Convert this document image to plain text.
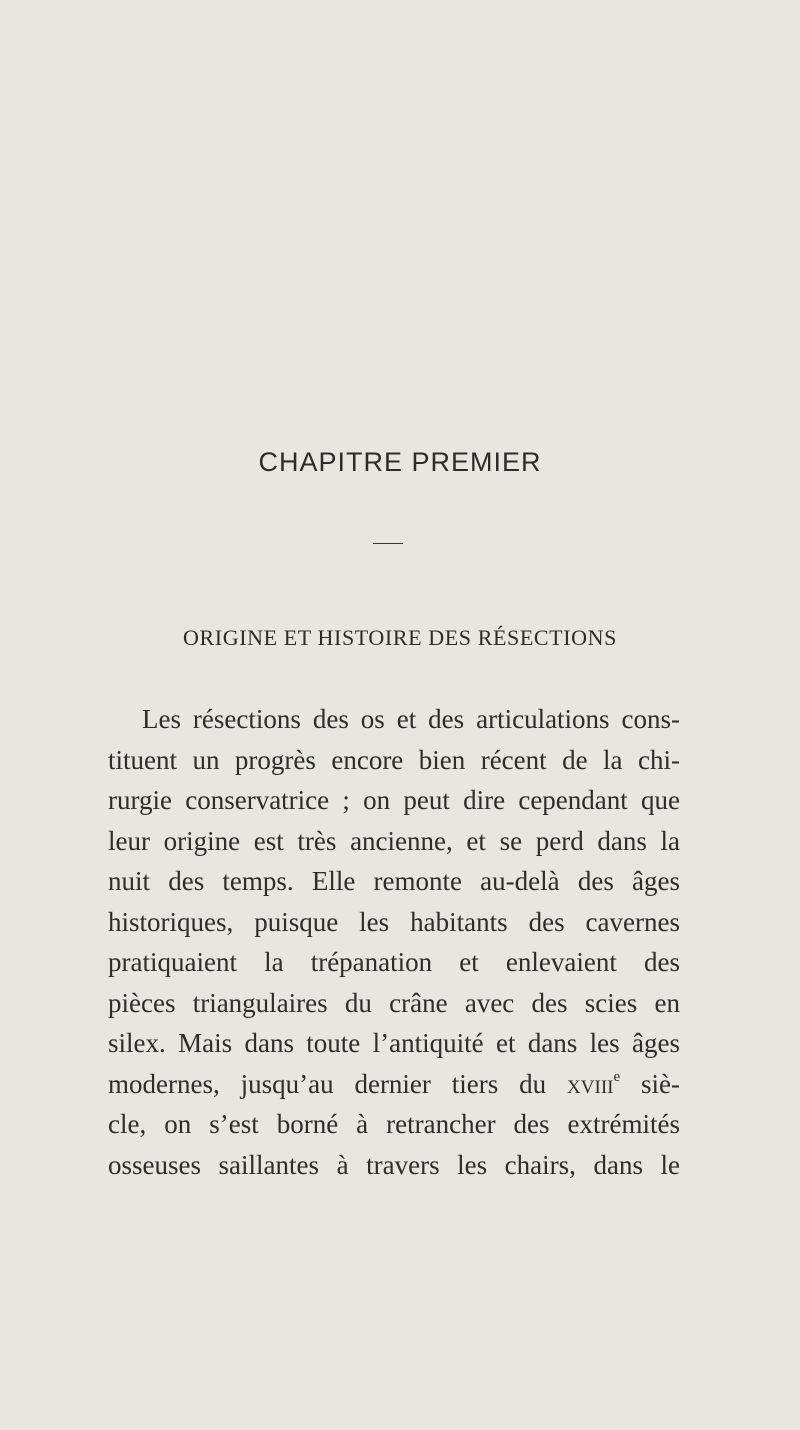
CHAPITRE PREMIER
ORIGINE ET HISTOIRE DES RÉSECTIONS

Les résections des os et des articulations cons-
tituent un progrès encore bien récent de la chi-
rurgie conservatrice ; on peut dire cependant que
leur origine est très ancienne, et se perd dans la
nuit des temps. Elle remonte au-delà des âges
historiques, puisque les habitants des cavernes
pratiquaient la trépanation et enlevaient des
pièces triangulaires du crâne avec des scies en
silex. Mais dans toute l’antiquité et dans les âges
modernes, jusqu’au dernier tiers du xviii$^e$ siè-
cle, on s’est borné à retrancher des extrémités
osseuses saillantes à travers les chairs, dans le
